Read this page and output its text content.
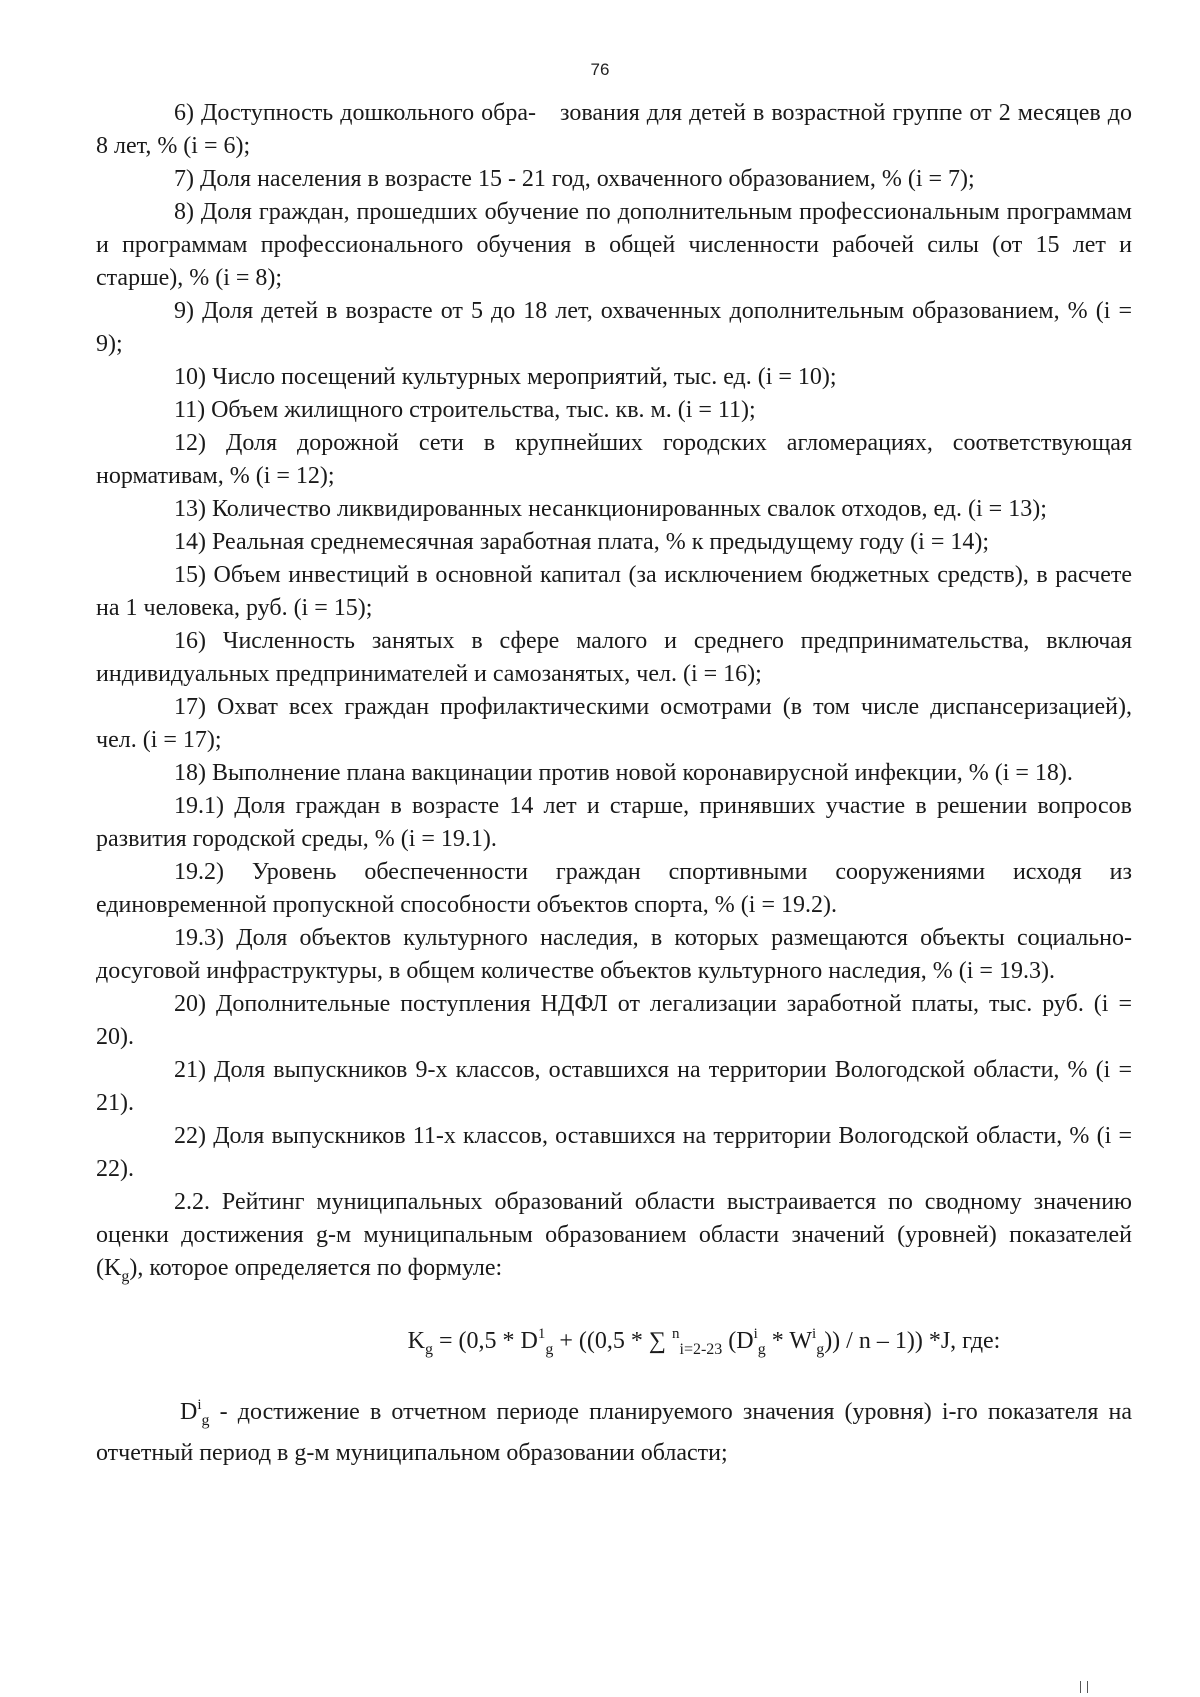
76

6) Доступность дошкольного обра- зования для детей в возрастной группе от 2 месяцев до 8 лет, % (i = 6);

7) Доля населения в возрасте 15 - 21 год, охваченного образованием, % (i = 7);

8) Доля граждан, прошедших обучение по дополнительным профессиональным программам и программам профессионального обучения в общей численности рабочей силы (от 15 лет и старше), % (i = 8);

9) Доля детей в возрасте от 5 до 18 лет, охваченных дополнительным образованием, % (i = 9);

10) Число посещений культурных мероприятий, тыс. ед. (i = 10);

11) Объем жилищного строительства, тыс. кв. м. (i = 11);

12) Доля дорожной сети в крупнейших городских агломерациях, соответствующая нормативам, % (i = 12);

13) Количество ликвидированных несанкционированных свалок отходов, ед. (i = 13);

14) Реальная среднемесячная заработная плата, % к предыдущему году (i = 14);

15) Объем инвестиций в основной капитал (за исключением бюджетных средств), в расчете на 1 человека, руб. (i = 15);

16) Численность занятых в сфере малого и среднего предпринимательства, включая индивидуальных предпринимателей и самозанятых, чел. (i = 16);

17) Охват всех граждан профилактическими осмотрами (в том числе диспансеризацией), чел. (i = 17);

18) Выполнение плана вакцинации против новой коронавирусной инфекции, % (i = 18).

19.1) Доля граждан в возрасте 14 лет и старше, принявших участие в решении вопросов развития городской среды, % (i = 19.1).

19.2) Уровень обеспеченности граждан спортивными сооружениями исходя из единовременной пропускной способности объектов спорта, % (i = 19.2).

19.3) Доля объектов культурного наследия, в которых размещаются объекты социально-досуговой инфраструктуры, в общем количестве объектов культурного наследия, % (i = 19.3).

20) Дополнительные поступления НДФЛ от легализации заработной платы, тыс. руб. (i = 20).

21) Доля выпускников 9-х классов, оставшихся на территории Вологодской области, % (i = 21).

22) Доля выпускников 11-х классов, оставшихся на территории Вологодской области, % (i = 22).

2.2. Рейтинг муниципальных образований области выстраивается по сводному значению оценки достижения g-м муниципальным образованием области значений (уровней) показателей $(K_g)$, которое определяется по формуле:

$K_g = (0,5 * D^1_g + ((0,5$ * ∑ $^n_{i=2-23}$ $(D^i_g * W^i_g)$) / n – 1)) *J, где:

$D^i_g$ - достижение в отчетном периоде планируемого значения (уровня) i-го показателя на отчетный период в g-м муниципальном образовании области;
